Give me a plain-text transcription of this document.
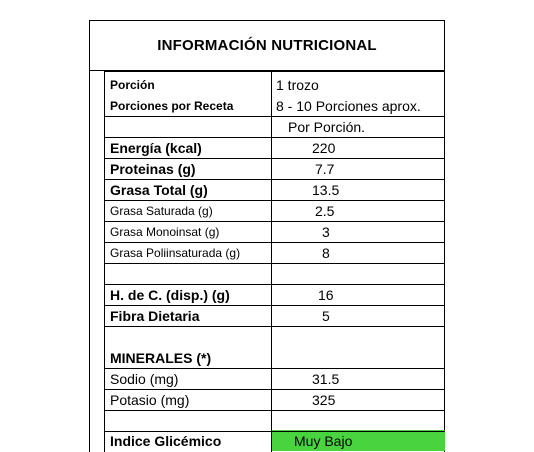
INFORMACIÓN NUTRICIONAL
Porción	1 trozo
Porciones por Receta	8 - 10 Porciones aprox.
Por Porción.
Energía (kcal)	220
Proteinas (g)	7.7
Grasa Total (g)	13.5
Grasa Saturada (g)	2.5
Grasa Monoinsat (g)	3
Grasa Poliinsaturada (g)	8
H. de C. (disp.) (g)	16
Fibra Dietaria	5
MINERALES (*)
Sodio (mg)	31.5
Potasio (mg)	325
Indice Glicémico	Muy Bajo
